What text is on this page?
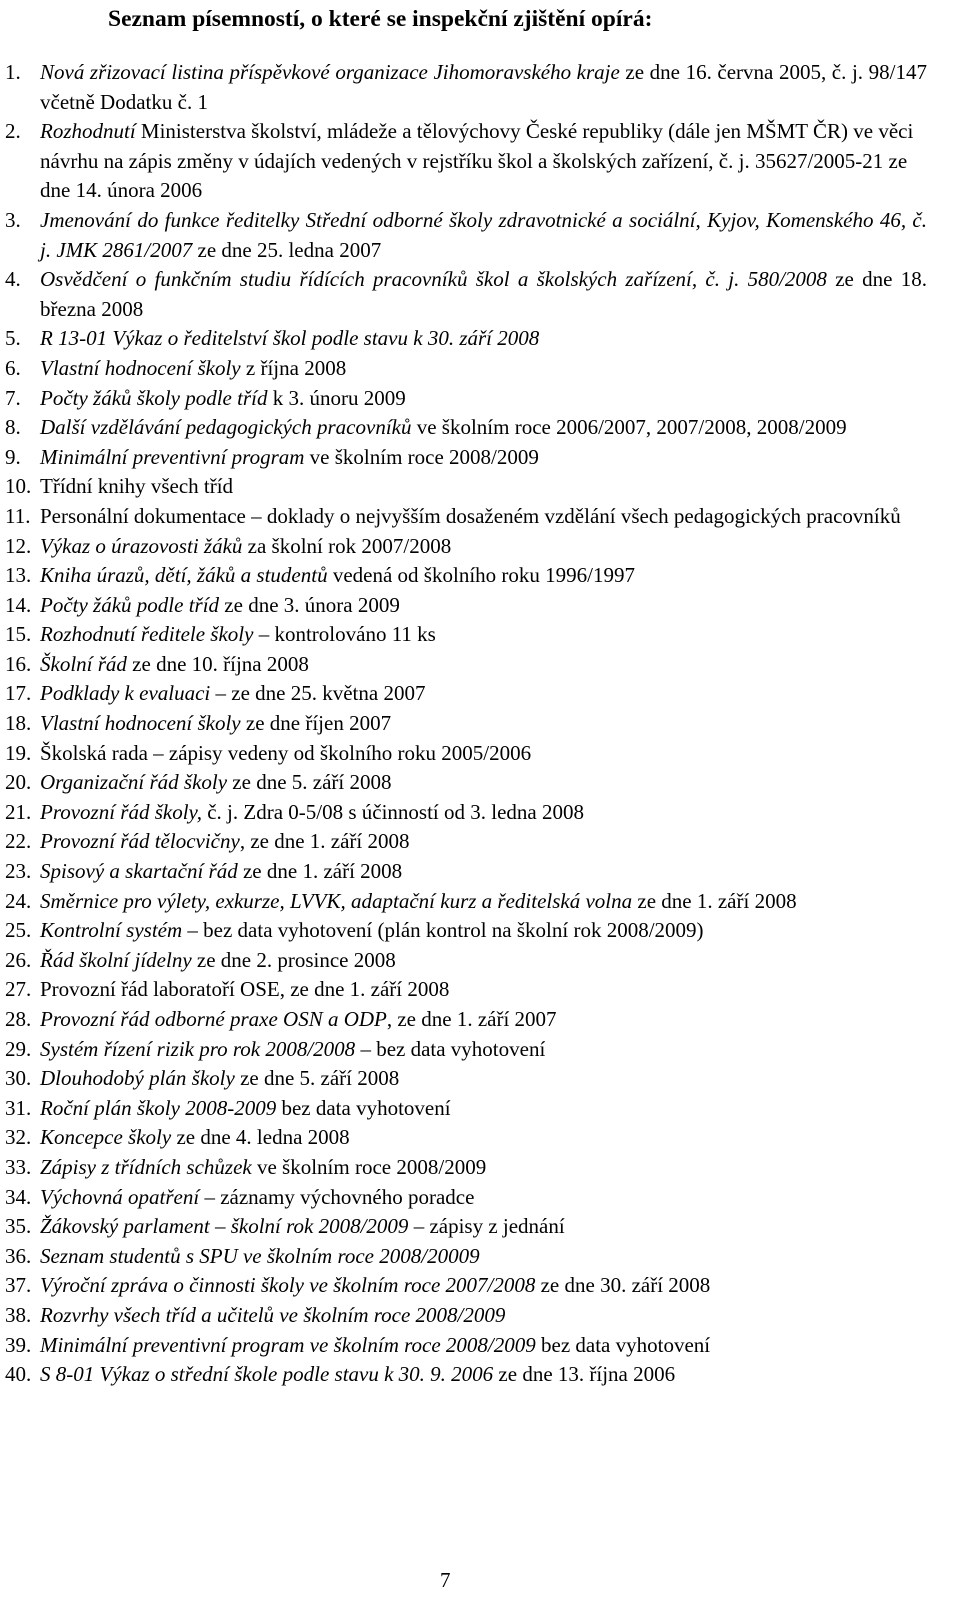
Seznam písemností, o které se inspekční zjištění opírá:
1. Nová zřizovací listina příspěvkové organizace Jihomoravského kraje ze dne 16. června 2005, č. j. 98/147 včetně Dodatku č. 1
2. Rozhodnutí Ministerstva školství, mládeže a tělovýchovy České republiky (dále jen MŠMT ČR) ve věci návrhu na zápis změny v údajích vedených v rejstříku škol a školských zařízení, č. j. 35627/2005-21 ze dne 14. února 2006
3. Jmenování do funkce ředitelky Střední odborné školy zdravotnické a sociální, Kyjov, Komenského 46, č. j. JMK 2861/2007 ze dne 25. ledna 2007
4. Osvědčení o funkčním studiu řídících pracovníků škol a školských zařízení, č. j. 580/2008 ze dne 18. března 2008
5. R 13-01 Výkaz o ředitelství škol podle stavu k 30. září 2008
6. Vlastní hodnocení školy z října 2008
7. Počty žáků školy podle tříd k 3. únoru 2009
8. Další vzdělávání pedagogických pracovníků ve školním roce 2006/2007, 2007/2008, 2008/2009
9. Minimální preventivní program ve školním roce 2008/2009
10. Třídní knihy všech tříd
11. Personální dokumentace – doklady o nejvyšším dosaženém vzdělání všech pedagogických pracovníků
12. Výkaz o úrazovosti žáků za školní rok 2007/2008
13. Kniha úrazů, dětí, žáků a studentů vedená od školního roku 1996/1997
14. Počty žáků podle tříd ze dne 3. února 2009
15. Rozhodnutí ředitele školy – kontrolováno 11 ks
16. Školní řád ze dne 10. října 2008
17. Podklady k evaluaci – ze dne 25. května 2007
18. Vlastní hodnocení školy ze dne říjen 2007
19. Školská rada – zápisy vedeny od školního roku 2005/2006
20. Organizační řád školy ze dne 5. září 2008
21. Provozní řád školy, č. j. Zdra 0-5/08 s účinností od 3. ledna 2008
22. Provozní řád tělocvičny, ze dne 1. září 2008
23. Spisový a skartační řád ze dne 1. září 2008
24. Směrnice pro výlety, exkurze, LVVK, adaptační kurz a ředitelská volna ze dne 1. září 2008
25. Kontrolní systém – bez data vyhotovení (plán kontrol na školní rok 2008/2009)
26. Řád školní jídelny ze dne 2. prosince 2008
27. Provozní řád laboratoří OSE, ze dne 1. září 2008
28. Provozní řád odborné praxe OSN a ODP, ze dne 1. září 2007
29. Systém řízení rizik pro rok 2008/2008 – bez data vyhotovení
30. Dlouhodobý plán školy ze dne 5. září 2008
31. Roční plán školy 2008-2009 bez data vyhotovení
32. Koncepce školy ze dne 4. ledna 2008
33. Zápisy z třídních schůzek ve školním roce 2008/2009
34. Výchovná opatření – záznamy výchovného poradce
35. Žákovský parlament – školní rok 2008/2009 – zápisy z jednání
36. Seznam studentů s SPU ve školním roce 2008/20009
37. Výroční zpráva o činnosti školy ve školním roce 2007/2008 ze dne 30. září 2008
38. Rozvrhy všech tříd a učitelů ve školním roce 2008/2009
39. Minimální preventivní program ve školním roce 2008/2009 bez data vyhotovení
40. S 8-01 Výkaz o střední škole podle stavu k 30. 9. 2006 ze dne 13. října 2006
7
